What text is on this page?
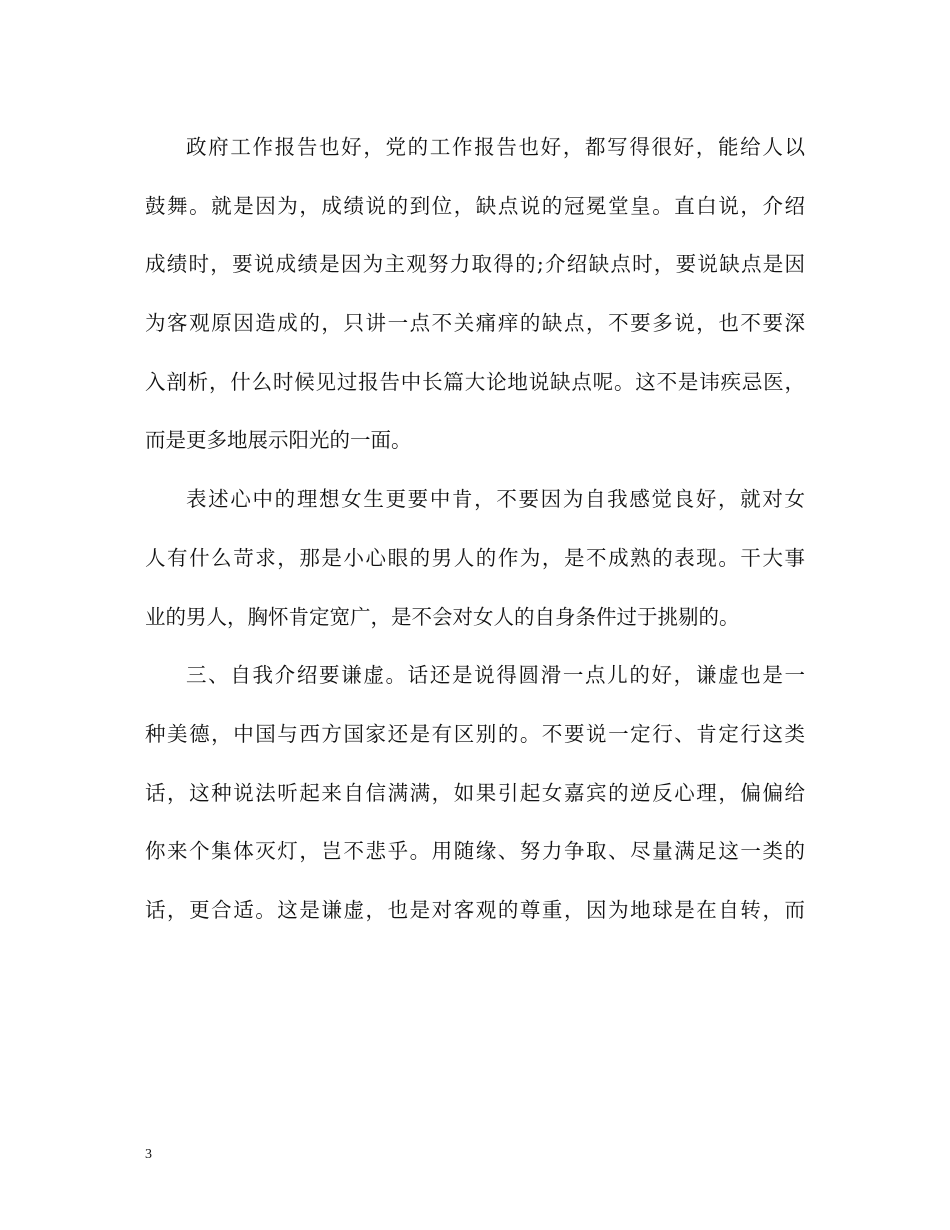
政府工作报告也好，党的工作报告也好，都写得很好，能给人以
鼓舞。就是因为，成绩说的到位，缺点说的冠冕堂皇。直白说，介绍
成绩时，要说成绩是因为主观努力取得的;介绍缺点时，要说缺点是因
为客观原因造成的，只讲一点不关痛痒的缺点，不要多说，也不要深
入剖析，什么时候见过报告中长篇大论地说缺点呢。这不是讳疾忌医，
而是更多地展示阳光的一面。
表述心中的理想女生更要中肯，不要因为自我感觉良好，就对女
人有什么苛求，那是小心眼的男人的作为，是不成熟的表现。干大事
业的男人，胸怀肯定宽广，是不会对女人的自身条件过于挑剔的。
三、自我介绍要谦虚。话还是说得圆滑一点儿的好，谦虚也是一
种美德，中国与西方国家还是有区别的。不要说一定行、肯定行这类
话，这种说法听起来自信满满，如果引起女嘉宾的逆反心理，偏偏给
你来个集体灭灯，岂不悲乎。用随缘、努力争取、尽量满足这一类的
话，更合适。这是谦虚，也是对客观的尊重，因为地球是在自转，而
3
